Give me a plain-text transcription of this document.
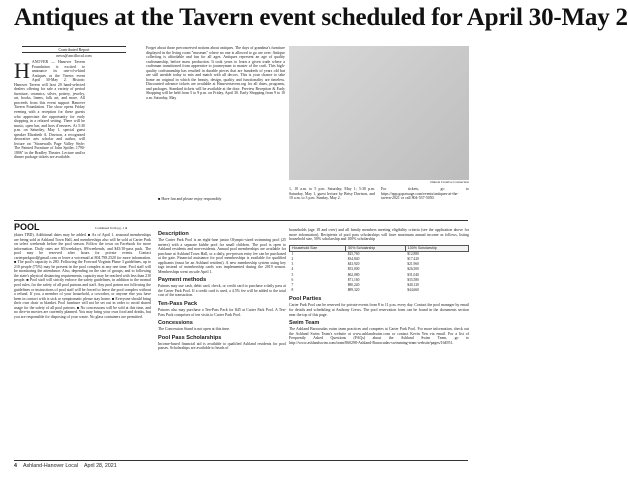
Antiques at the Tavern event scheduled for April 30-May 2
Contributed Report
news@ancillocal.com
H ANOVER — Hanover Tavern Foundation is excited to announce its one-of-a-kind Antiques at the Tavern event April 30-May 2. Historic Hanover Tavern will host 20 hand-selected dealers offering for sale a variety of period furniture, ceramics, silver, pottery, jewelry, art, books, linens, folk art, and more. All proceeds from this event support Hanover Tavern Foundation. The show opens Friday evening with a reception for these guests who appreciate the opportunity for early shopping in a relaxed setting. There will be music, open bar, and hors d'oeuvres. At 5:30 p.m. on Saturday, May 1, special guest speaker Elizabeth A. Davison, a recognized decorative arts scholar and author, will lecture on "Stonewalls Page Valley Style: The Painted Furniture of John Spitler, 1790-1806" in the Bradley Theater. Lecture and/or dinner package tickets are available.

Forget about those preconceived notions about antiques. The days of grandma's furniture displayed in the living room "museum" where no one is allowed to go are over. Antique collecting is affordable and fun for all ages. Antiques represent an age of quality craftsmanship, before mass production. It took years to learn a given trade where a craftsman transitioned from apprentice to journeyman to master of the craft. This high-quality craftsmanship has resulted in durable pieces that are hundreds of years old but are still useable today to mix and match with all decors. This is your chance to take home an original in which the beauty, design, quality and functionality are timeless. Discounted advance tickets are available at Hanovertavern.org for all dates, programs, and packages. Standard tickets will be available at the door. Preview Reception & Early Shopping will be held from 5 to 9 p.m. on Friday, April 30. Early Shopping from 9 to 10 a.m. Saturday, May

Dakota Creative Connection

1, 10 a.m. to 5 p.m. Saturday, May 1; 5:30 p.m. Saturday, May 1, guest lecture by Betsy Davison, and 10 a.m. to 3 p.m. Sunday, May 2.

For tickets, go to https://app.gopassage.com/events/antiques-at-the-tavern-2021 or call 804-537-5050.

■ Have fun and please enjoy responsibly
POOL	Continued from pg. 1 ●

(dates TBD). Additional dates may be added. ■ As of April 1, seasonal memberships are being sold at Ashland Town Hall, and memberships also will be sold at Carter Park on select weekends before the pool season. Follow the town on Facebook for more information. Daily rates are $5/weekdays, $9/weekends, and $45/10-pass pack. The pool may be reserved after hours for private events. Contact carterparkpool@gmail.com or leave a voicemail at 804.798.2520 for more information. ■ The pool's capacity is 280. Following the Forward Virginia Phase 3 guidelines, up to 210 people (75%) may be present in the pool complex at any one time. Pool staff will be monitoring the attendance. Also, depending on the size of groups, and to following the state's physical distancing requirements, capacity may be reached with less than 210 people. ■ Pool staff will strictly enforce the safety guidelines, in addition to the normal pool rules, for the safety of all pool patrons and staff. Any pool patron not following the guidelines or instructions of pool staff will be forced to leave the pool complex without a refund. If you, a member of your household, a coworker, or anyone else you have been in contact with is sick or symptomatic please stay home. ■ Everyone should bring their own chair or blanket. Pool furniture will not be set out in order to avoid shared usage for the safety of all pool patrons. ■ No concessions will be sold at this time, and no dive-in movies are currently planned. You may bring your own food and drinks, but you are responsible for disposing of your waste. No glass containers are permitted.

Description

The Carter Park Pool is an eight-lane junior Olympic-sized swimming pool (25 meters) with a separate kiddie pool for small children. The pool is open to Ashland residents and non-residents. Annual pool memberships are available for purchase at Ashland Town Hall, or a daily, per-person entry fee can be purchased at the gate. Financial assistance for pool memberships is available for qualified applicants (must be an Ashland resident). A new membership system using key tags instead of membership cards was implemented during the 2019 season. Memberships went on sale April 1.

Payment methods

Patrons may use cash, debit card, check, or credit card to purchase a daily pass at the Carter Park Pool. If a credit card is used, a 4.5% fee will be added to the total cost of the transaction.

Ten-Pass Pack

Patrons also may purchase a Ten-Pass Pack for $45 at Carter Park Pool. A Ten-Pass Pack comprises of ten visits to Carter Park Pool.

Concessions

The Concession Stand is not open at this time.

Pool Pass Scholarships

Income-based financial aid is available to qualified Ashland residents for pool passes. Scholarships are available to heads of

households (age 18 and over) and all family members meeting eligibility criteria (see the application above for more information). Recipients of pool pass scholarships will have maximum annual income as follows, listing household size, 50% scholarship and 100% scholarship

Household Size	50% Scholarship	100% Scholarship
1	$25,760	$12,880
2	$34,840	$17,420
3	$43,920	$21,960
4	$53,000	$26,500
5	$62,080	$31,040
6	$71,160	$35,580
7	$80,240	$40,120
8	$89,320	$44,660
Pool Parties

Carter Park Pool can be reserved for private events from 8 to 11 p.m. every day. Contact the pool manager by email for details and scheduling at Anthony Crews. The pool reservation form can be found in the documents section near the top of this page.

Swim Team

The Ashland Barracudas swim team practices and competes at Carter Park Pool. For more information, check out the Ashland Swim Team's website at www.ashlandswim.com or contact Kevin Yen via email. For a list of Frequently Asked Questions (FAQs) about the Ashland Swim Team, go to http://www.ashlandswim.com/team/860298-Ashland-Barracudas-swimming-team-website/pages/164951.

4 Ashland-Hanover Local April 28, 2021
